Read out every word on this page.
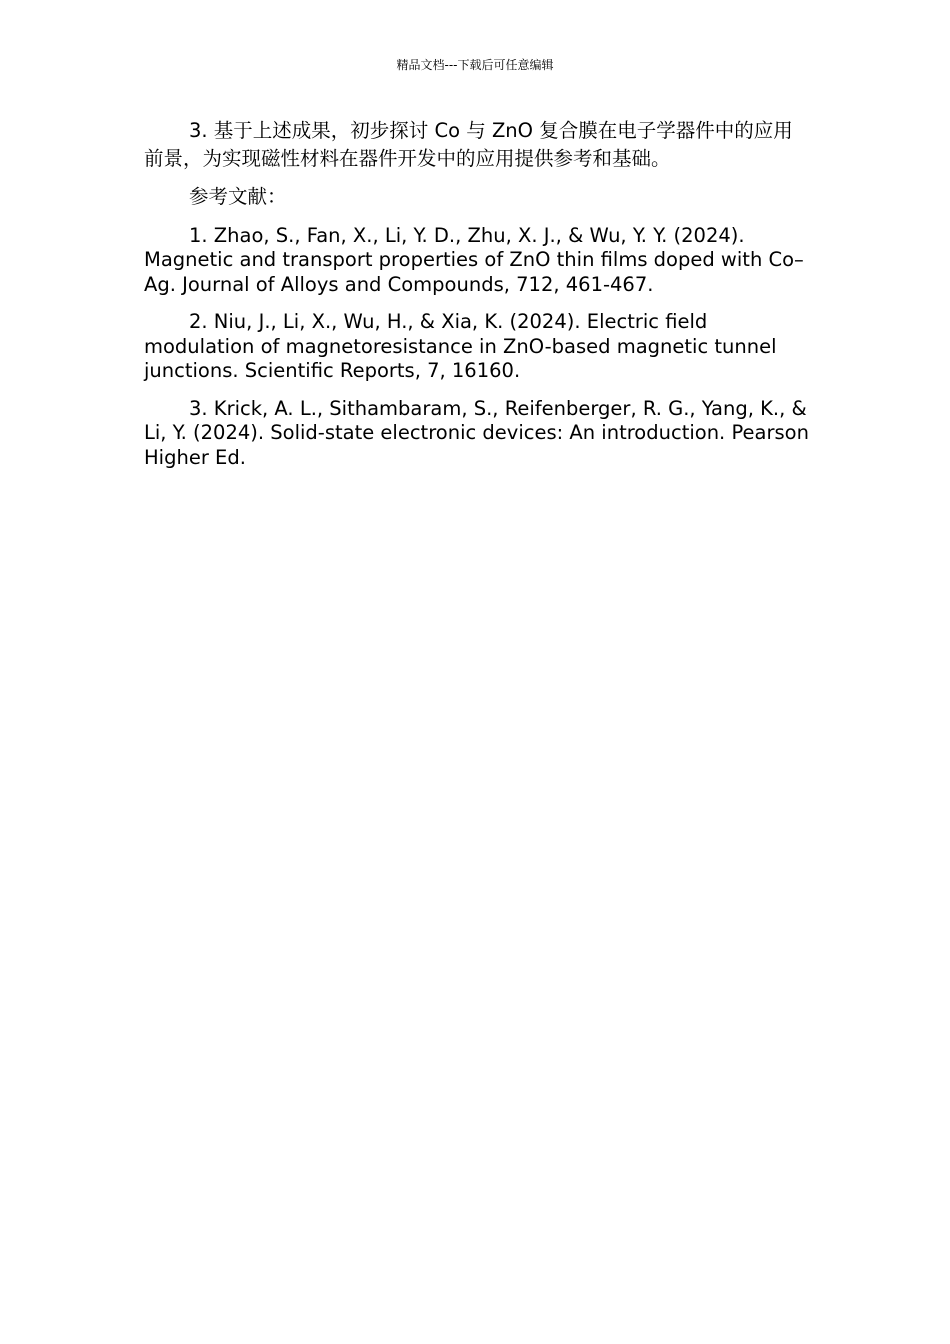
精品文档---下载后可任意编辑

3. 基于上述成果，初步探讨 Co 与 ZnO 复合膜在电子学器件中的应用前景，为实现磁性材料在器件开发中的应用提供参考和基础。

参考文献：

1. Zhao, S., Fan, X., Li, Y. D., Zhu, X. J., & Wu, Y. Y. (2024). Magnetic and transport properties of ZnO thin films doped with Co–Ag. Journal of Alloys and Compounds, 712, 461-467.

2. Niu, J., Li, X., Wu, H., & Xia, K. (2024). Electric field modulation of magnetoresistance in ZnO-based magnetic tunnel junctions. Scientific Reports, 7, 16160.

3. Krick, A. L., Sithambaram, S., Reifenberger, R. G., Yang, K., & Li, Y. (2024). Solid-state electronic devices: An introduction. Pearson Higher Ed.
